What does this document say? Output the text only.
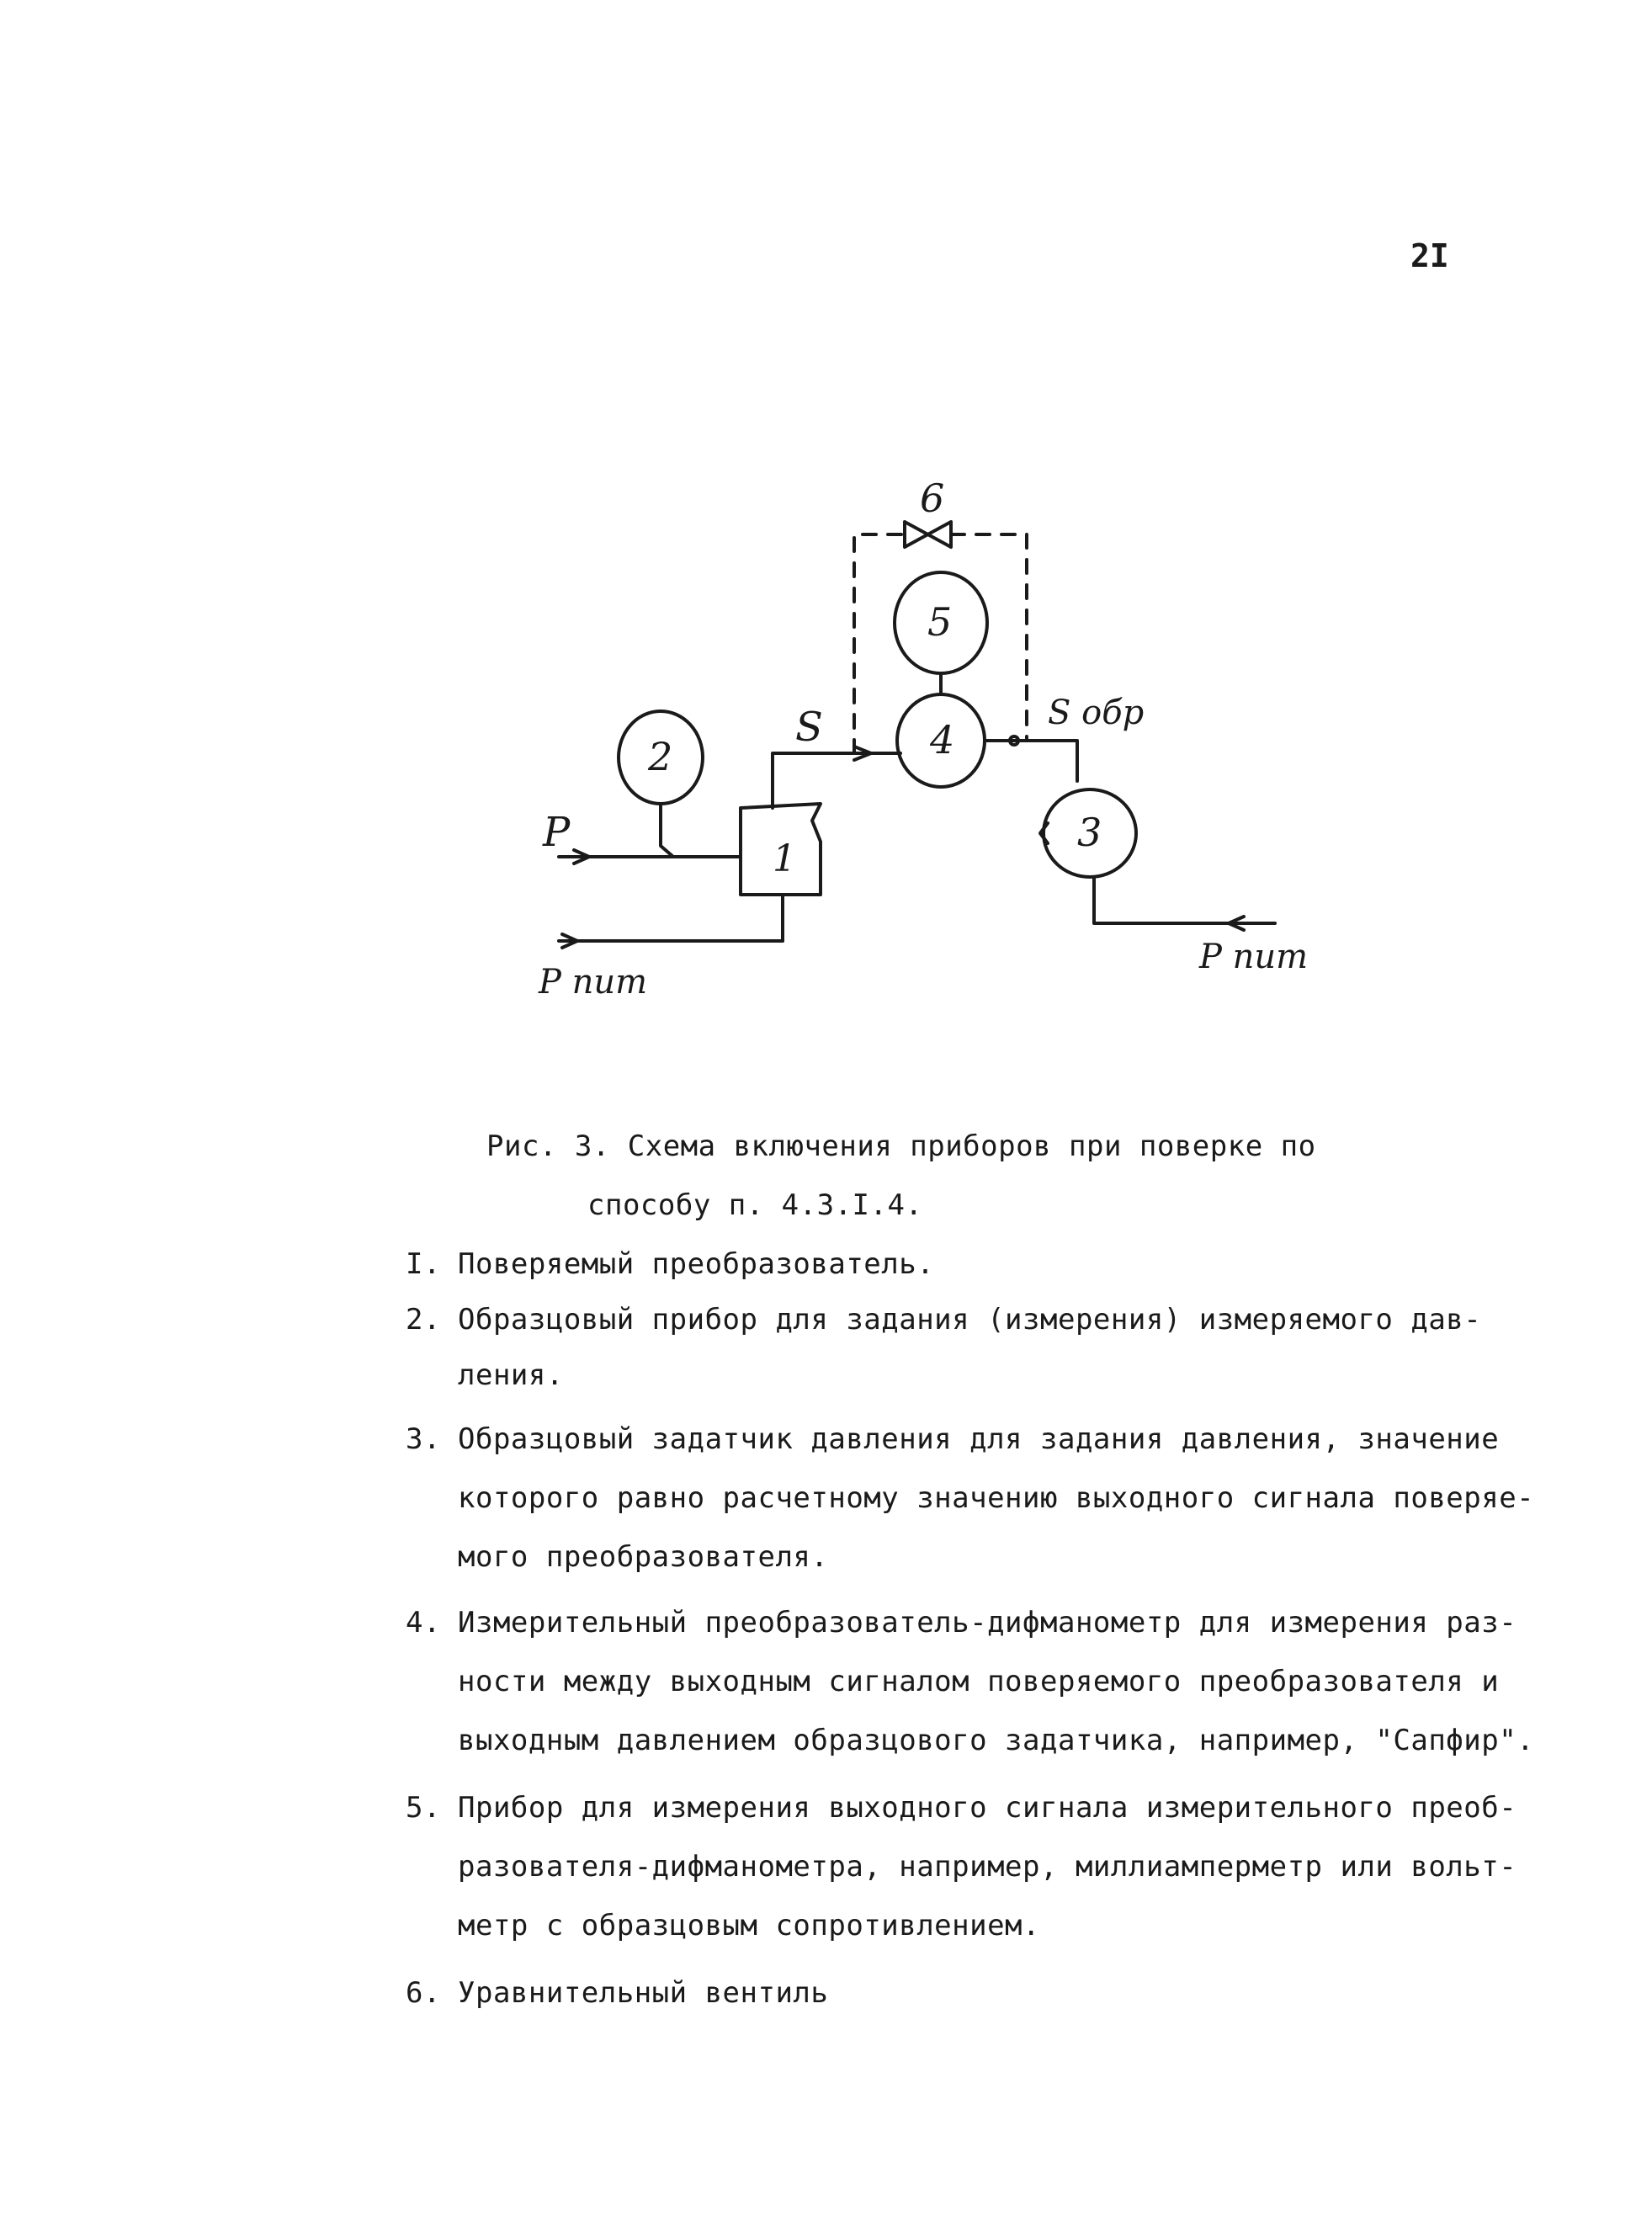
2I
1
2
3
4
5
6
P
S	S обр
P пит
P пит
Рис. 3. Схема включения приборов при поверке по
способу п. 4.3.I.4.
I. Поверяемый преобразователь.
2. Образцовый прибор для задания (измерения) измеряемого дав-
ления.
3. Образцовый задатчик давления для задания давления, значение
которого равно расчетному значению выходного сигнала поверяе-
мого преобразователя.
4. Измерительный преобразователь-дифманометр для измерения раз-
ности между выходным сигналом поверяемого преобразователя и
выходным давлением образцового задатчика, например, "Сапфир".
5. Прибор для измерения выходного сигнала измерительного преоб-
разователя-дифманометра, например, миллиамперметр или вольт-
метр с образцовым сопротивлением.
6. Уравнительный вентиль
